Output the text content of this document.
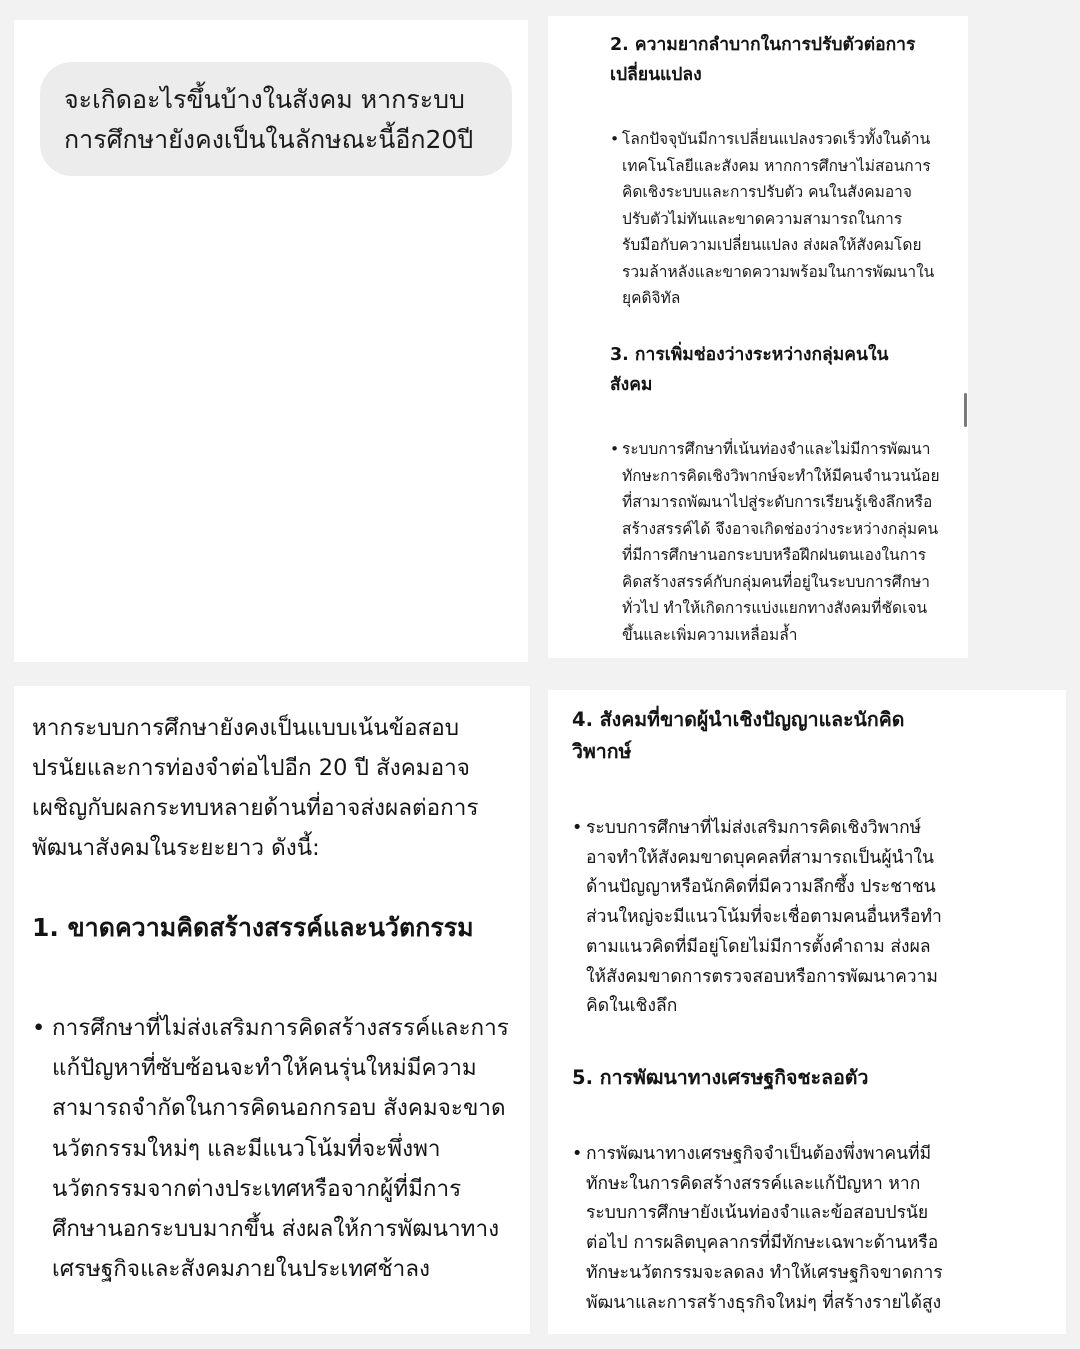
จะเกิดอะไรขึ้นบ้างในสังคม หากระบบ
การศึกษายังคงเป็นในลักษณะนี้อีก20ปี
2. ความยากลำบากในการปรับตัวต่อการ
เปลี่ยนแปลง
• โลกปัจจุบันมีการเปลี่ยนแปลงรวดเร็วทั้งในด้าน
เทคโนโลยีและสังคม หากการศึกษาไม่สอนการ
คิดเชิงระบบและการปรับตัว คนในสังคมอาจ
ปรับตัวไม่ทันและขาดความสามารถในการ
รับมือกับความเปลี่ยนแปลง ส่งผลให้สังคมโดย
รวมล้าหลังและขาดความพร้อมในการพัฒนาใน
ยุคดิจิทัล
3. การเพิ่มช่องว่างระหว่างกลุ่มคนใน
สังคม
• ระบบการศึกษาที่เน้นท่องจำและไม่มีการพัฒนา
ทักษะการคิดเชิงวิพากษ์จะทำให้มีคนจำนวนน้อย
ที่สามารถพัฒนาไปสู่ระดับการเรียนรู้เชิงลึกหรือ
สร้างสรรค์ได้ จึงอาจเกิดช่องว่างระหว่างกลุ่มคน
ที่มีการศึกษานอกระบบหรือฝึกฝนตนเองในการ
คิดสร้างสรรค์กับกลุ่มคนที่อยู่ในระบบการศึกษา
ทั่วไป ทำให้เกิดการแบ่งแยกทางสังคมที่ชัดเจน
ขึ้นและเพิ่มความเหลื่อมล้ำ
หากระบบการศึกษายังคงเป็นแบบเน้นข้อสอบ
ปรนัยและการท่องจำต่อไปอีก 20 ปี สังคมอาจ
เผชิญกับผลกระทบหลายด้านที่อาจส่งผลต่อการ
พัฒนาสังคมในระยะยาว ดังนี้:
1. ขาดความคิดสร้างสรรค์และนวัตกรรม
• การศึกษาที่ไม่ส่งเสริมการคิดสร้างสรรค์และการ
แก้ปัญหาที่ซับซ้อนจะทำให้คนรุ่นใหม่มีความ
สามารถจำกัดในการคิดนอกกรอบ สังคมจะขาด
นวัตกรรมใหม่ๆ และมีแนวโน้มที่จะพึ่งพา
นวัตกรรมจากต่างประเทศหรือจากผู้ที่มีการ
ศึกษานอกระบบมากขึ้น ส่งผลให้การพัฒนาทาง
เศรษฐกิจและสังคมภายในประเทศช้าลง
4. สังคมที่ขาดผู้นำเชิงปัญญาและนักคิด
วิพากษ์
• ระบบการศึกษาที่ไม่ส่งเสริมการคิดเชิงวิพากษ์
อาจทำให้สังคมขาดบุคคลที่สามารถเป็นผู้นำใน
ด้านปัญญาหรือนักคิดที่มีความลึกซึ้ง ประชาชน
ส่วนใหญ่จะมีแนวโน้มที่จะเชื่อตามคนอื่นหรือทำ
ตามแนวคิดที่มีอยู่โดยไม่มีการตั้งคำถาม ส่งผล
ให้สังคมขาดการตรวจสอบหรือการพัฒนาความ
คิดในเชิงลึก
5. การพัฒนาทางเศรษฐกิจชะลอตัว
• การพัฒนาทางเศรษฐกิจจำเป็นต้องพึ่งพาคนที่มี
ทักษะในการคิดสร้างสรรค์และแก้ปัญหา หาก
ระบบการศึกษายังเน้นท่องจำและข้อสอบปรนัย
ต่อไป การผลิตบุคลากรที่มีทักษะเฉพาะด้านหรือ
ทักษะนวัตกรรมจะลดลง ทำให้เศรษฐกิจขาดการ
พัฒนาและการสร้างธุรกิจใหม่ๆ ที่สร้างรายได้สูง
